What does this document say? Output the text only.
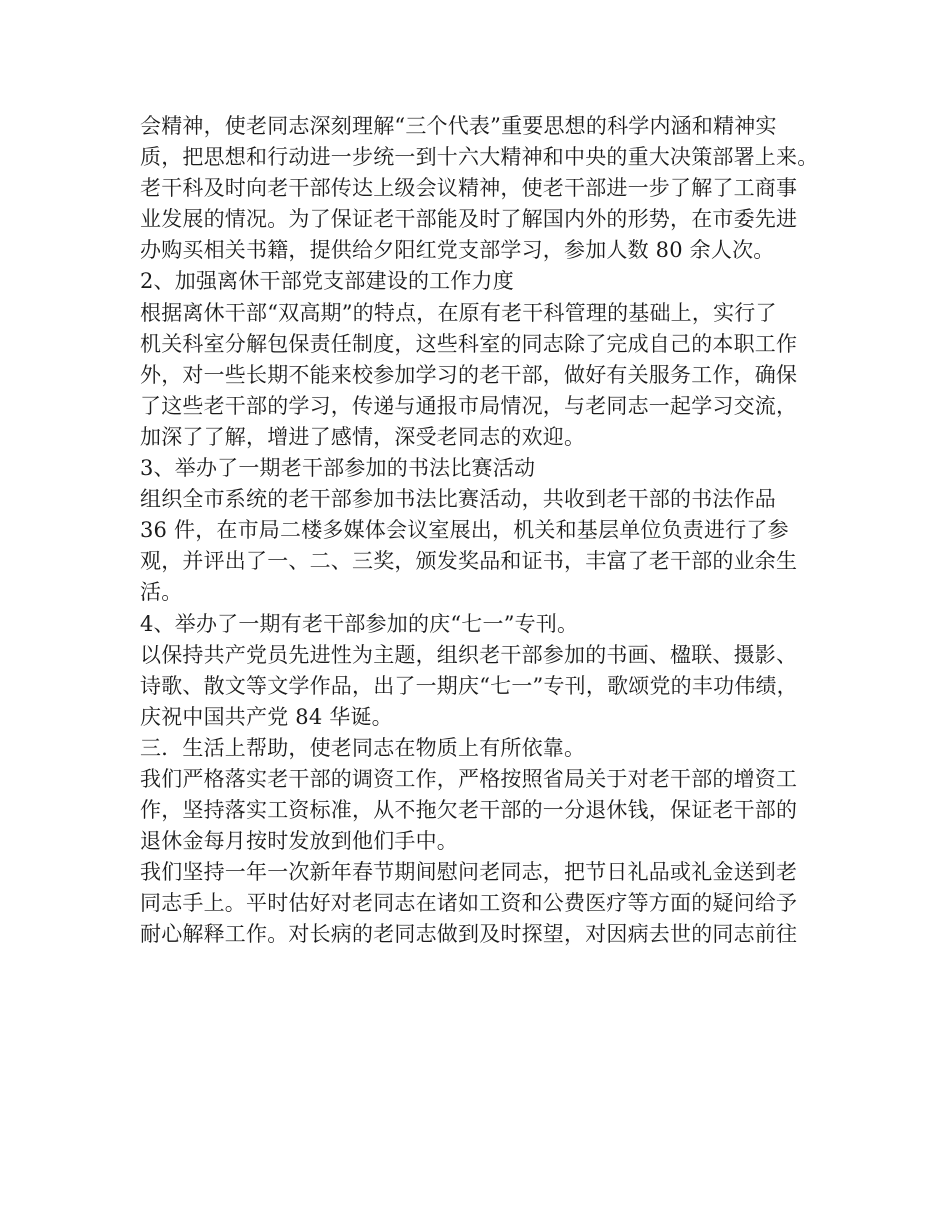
会精神，使老同志深刻理解“三个代表”重要思想的科学内涵和精神实
质，把思想和行动进一步统一到十六大精神和中央的重大决策部署上来。
老干科及时向老干部传达上级会议精神，使老干部进一步了解了工商事
业发展的情况。为了保证老干部能及时了解国内外的形势，在市委先进
办购买相关书籍，提供给夕阳红党支部学习，参加人数 80 余人次。
2、加强离休干部党支部建设的工作力度
根据离休干部“双高期”的特点，在原有老干科管理的基础上，实行了
机关科室分解包保责任制度，这些科室的同志除了完成自己的本职工作
外，对一些长期不能来校参加学习的老干部，做好有关服务工作，确保
了这些老干部的学习，传递与通报市局情况，与老同志一起学习交流，
加深了了解，增进了感情，深受老同志的欢迎。
3、举办了一期老干部参加的书法比赛活动
组织全市系统的老干部参加书法比赛活动，共收到老干部的书法作品
36 件，在市局二楼多媒体会议室展出，机关和基层单位负责进行了参
观，并评出了一、二、三奖，颁发奖品和证书，丰富了老干部的业余生
活。
4、举办了一期有老干部参加的庆“七一”专刊。
以保持共产党员先进性为主题，组织老干部参加的书画、楹联、摄影、
诗歌、散文等文学作品，出了一期庆“七一”专刊，歌颂党的丰功伟绩，
庆祝中国共产党 84 华诞。
三．生活上帮助，使老同志在物质上有所依靠。
我们严格落实老干部的调资工作，严格按照省局关于对老干部的增资工
作，坚持落实工资标准，从不拖欠老干部的一分退休钱，保证老干部的
退休金每月按时发放到他们手中。
我们坚持一年一次新年春节期间慰问老同志，把节日礼品或礼金送到老
同志手上。平时估好对老同志在诸如工资和公费医疗等方面的疑问给予
耐心解释工作。对长病的老同志做到及时探望，对因病去世的同志前往
